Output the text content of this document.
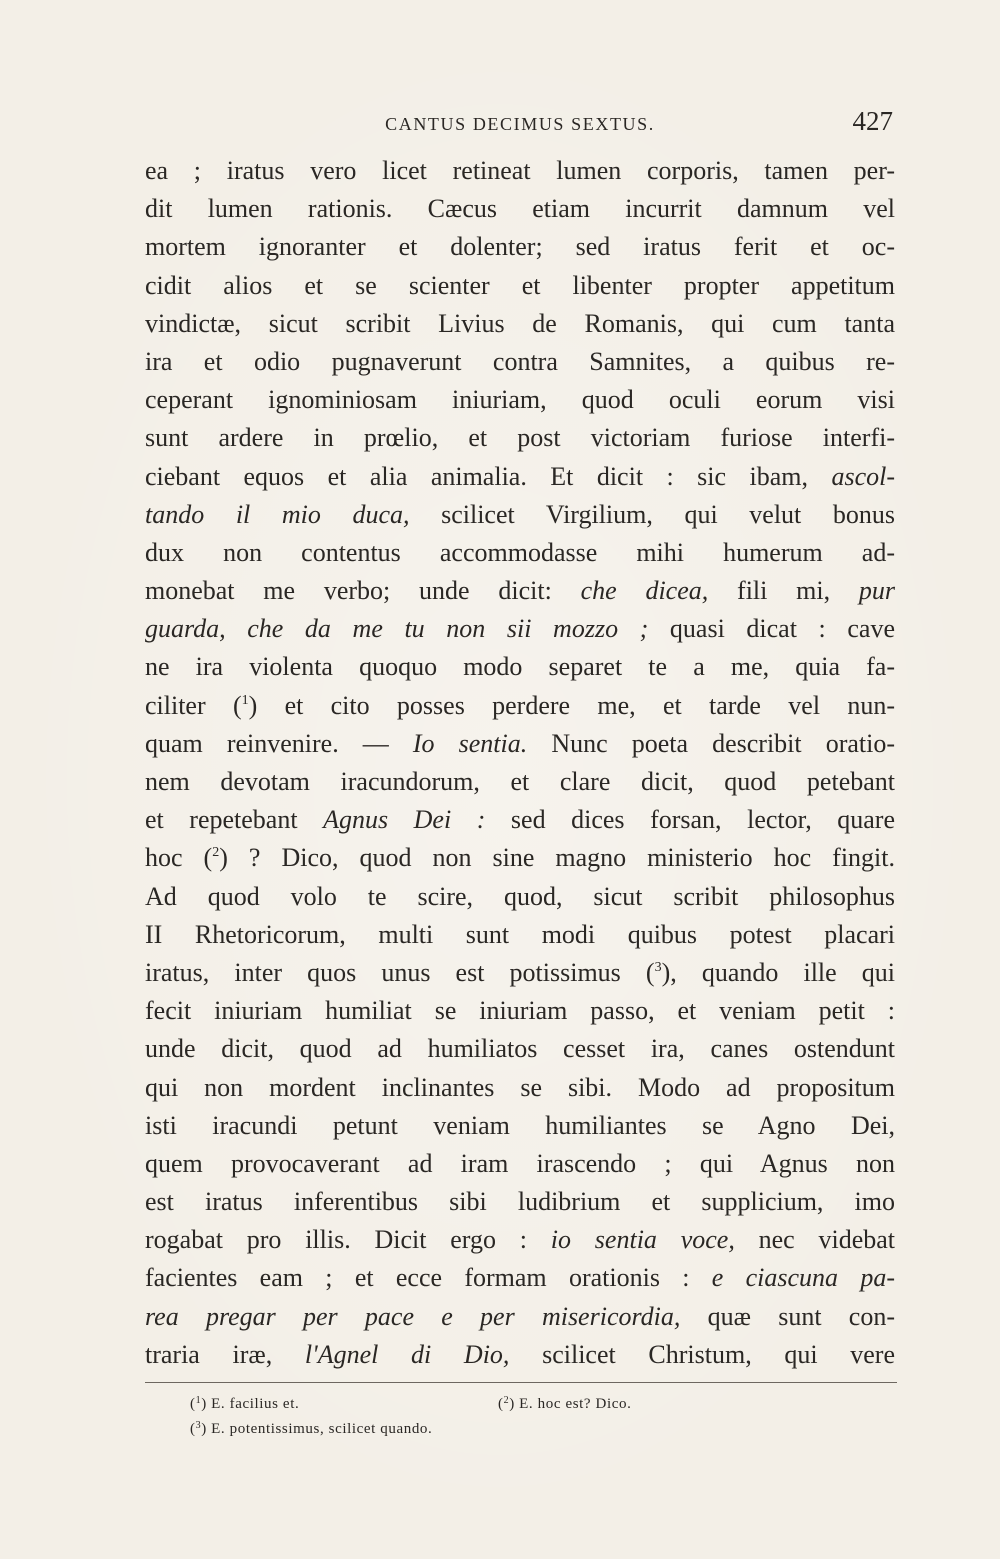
CANTUS DECIMUS SEXTUS.	427
ea ; iratus vero licet retineat lumen corporis, tamen per-
dit lumen rationis. Cæcus etiam incurrit damnum vel
mortem ignoranter et dolenter; sed iratus ferit et oc-
cidit alios et se scienter et libenter propter appetitum
vindictæ, sicut scribit Livius de Romanis, qui cum tanta
ira et odio pugnaverunt contra Samnites, a quibus re-
ceperant ignominiosam iniuriam, quod oculi eorum visi
sunt ardere in prœlio, et post victoriam furiose interfi-
ciebant equos et alia animalia. Et dicit : sic ibam, ascol-
tando il mio duca, scilicet Virgilium, qui velut bonus
dux non contentus accommodasse mihi humerum ad-
monebat me verbo; unde dicit: che dicea, fili mi, pur
guarda, che da me tu non sii mozzo ; quasi dicat : cave
ne ira violenta quoquo modo separet te a me, quia fa-
ciliter ($^1$) et cito posses perdere me, et tarde vel nun-
quam reinvenire. — Io sentia. Nunc poeta describit oratio-
nem devotam iracundorum, et clare dicit, quod petebant
et repetebant Agnus Dei : sed dices forsan, lector, quare
hoc ($^2$) ? Dico, quod non sine magno ministerio hoc fingit.
Ad quod volo te scire, quod, sicut scribit philosophus
II Rhetoricorum, multi sunt modi quibus potest placari
iratus, inter quos unus est potissimus ($^3$), quando ille qui
fecit iniuriam humiliat se iniuriam passo, et veniam petit :
unde dicit, quod ad humiliatos cesset ira, canes ostendunt
qui non mordent inclinantes se sibi. Modo ad propositum
isti iracundi petunt veniam humiliantes se Agno Dei,
quem provocaverant ad iram irascendo ; qui Agnus non
est iratus inferentibus sibi ludibrium et supplicium, imo
rogabat pro illis. Dicit ergo : io sentia voce, nec videbat
facientes eam ; et ecce formam orationis : e ciascuna pa-
rea pregar per pace e per misericordia, quæ sunt con-
traria iræ, l'Agnel di Dio, scilicet Christum, qui vere
($^1$) E. facilius et.	($^2$) E. hoc est? Dico.
($^3$) E. potentissimus, scilicet quando.
